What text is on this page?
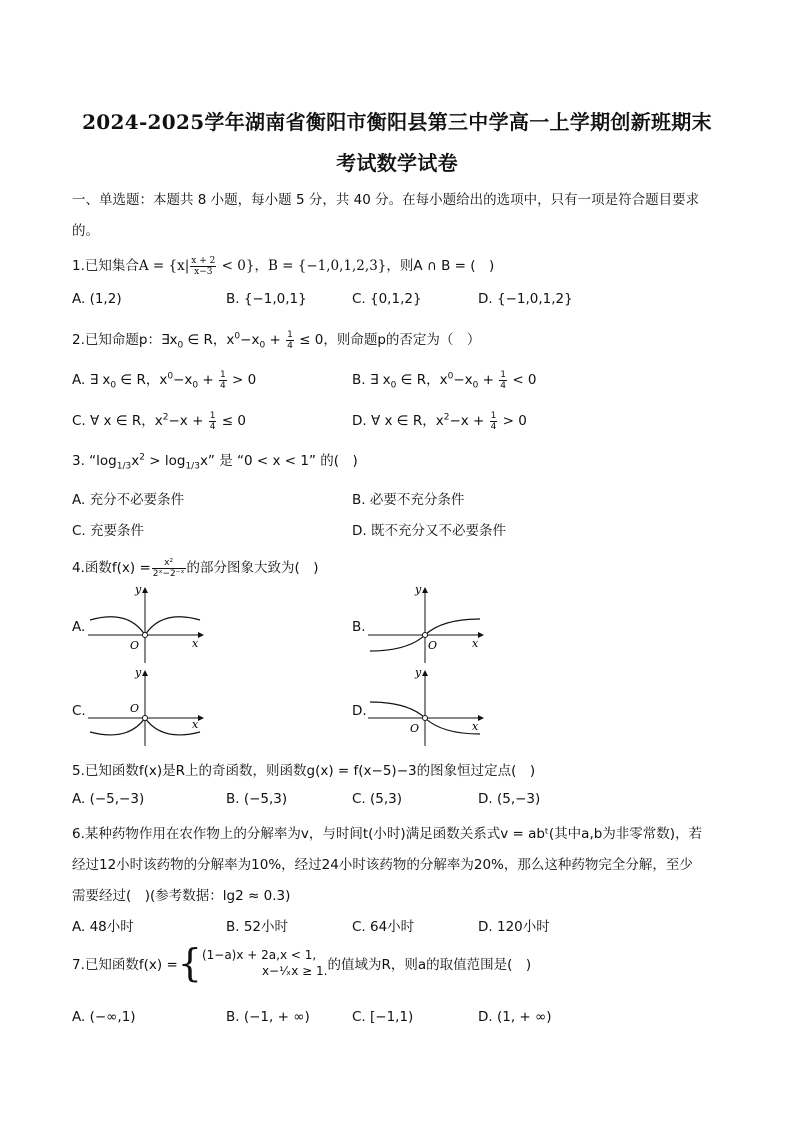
2024-2025学年湖南省衡阳市衡阳县第三中学高一上学期创新班期末
考试数学试卷
一、单选题：本题共 8 小题，每小题 5 分，共 40 分。在每小题给出的选项中，只有一项是符合题目要求
的。
1.已知集合$A = \{x| \frac{x + 2}{x-3} < 0\}$，B = {−1,0,1,2,3}，则A ∩ B = (　)
A. (1,2)	B. {−1,0,1}	C. {0,1,2}	D. {−1,0,1,2}
2.已知命题p：$\exists x_0$ ∈ R，$x^0-x_0 + \frac{1}{4} \le 0$，则命题p的否定为（　）
A. ∃ $x_0$ ∈ R，$x^0-x_0 + \frac{1}{4} > 0$	B. ∃ $x_0$ ∈ R，$x^0-x_0 + \frac{1}{4} < 0$
C. ∀ x ∈ R，$x^2-x + \frac{1}{4} \le 0$	D. ∀ x ∈ R，$x^2-x + \frac{1}{4} > 0$
3. “$\log_{1/3}x^2 > \log_{1/3}x$” 是 “0 < x < 1” 的(　)
A. 充分不必要条件	B. 必要不充分条件
C. 充要条件	D. 既不充分又不必要条件
4.函数$f(x) = \frac{\text{x²}}{\text{2ˣ−2⁻ˣ}}$ 的部分图象大致为(　)
A.
y
x
O
B.
y
x
O
C.
y
x
O	D.
y
x
O
5.已知函数f(x)是R上的奇函数，则函数g(x) = f(x−5)−3的图象恒过定点(　)
A. (−5,−3)	B. (−5,3)	C. (5,3)	D. (5,−3)
6.某种药物作用在农作物上的分解率为v，与时间t(小时)满足函数关系式v = abᵗ(其中a,b为非零常数)，若
经过12小时该药物的分解率为10%，经过24小时该药物的分解率为20%，那么这种药物完全分解，至少
需要经过(　)(参考数据：lg2 ≈ 0.3)
A. 48小时	B. 52小时	C. 64小时	D. 120小时
7.已知函数f(x) ={ (1−a)x + 2a,x < 1,
x−¹⁄ₓx ≥ 1. 的值域为R，则a的取值范围是(　)
A. (−∞,1)	B. (−1, + ∞)	C. [−1,1)	D. (1, + ∞)
